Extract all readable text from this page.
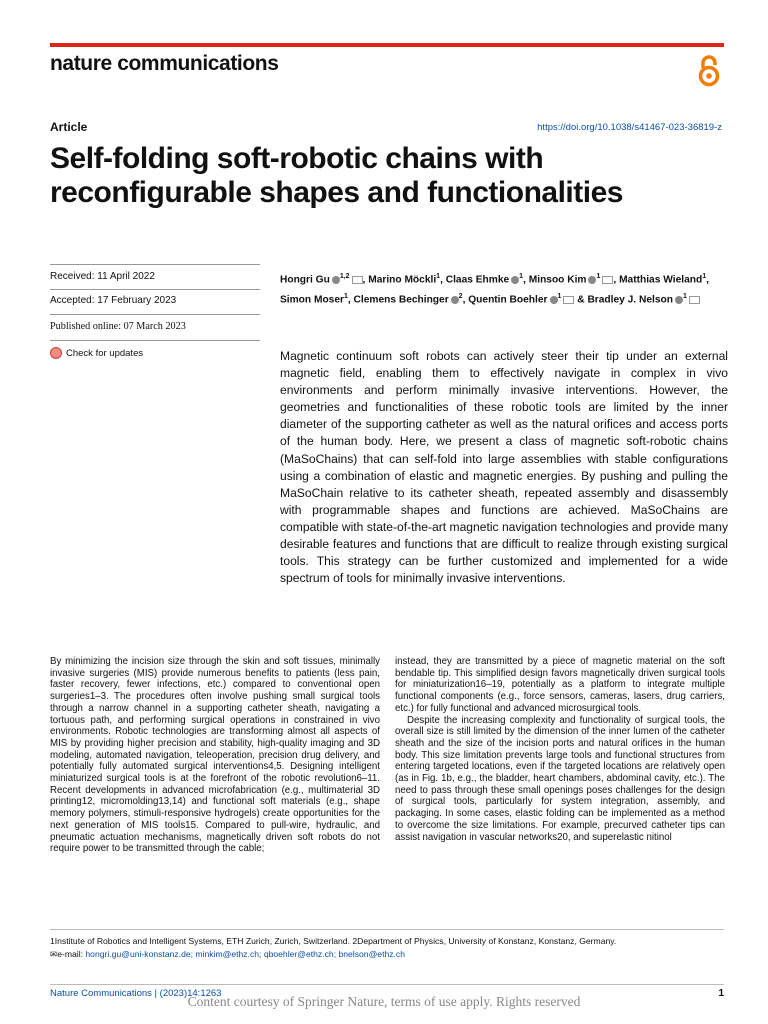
nature communications
Article	https://doi.org/10.1038/s41467-023-36819-z
Self-folding soft-robotic chains with reconfigurable shapes and functionalities
Received: 11 April 2022
Accepted: 17 February 2023
Published online: 07 March 2023
Check for updates
Hongri Gu $^{1,2}$ , Marino Möckli$^1$, Claas Ehmke $^1$, Minsoo Kim $^1$ , Matthias Wieland$^1$, Simon Moser$^1$, Clemens Bechinger $^2$, Quentin Boehler $^1$ & Bradley J. Nelson $^1$
Magnetic continuum soft robots can actively steer their tip under an external magnetic field, enabling them to effectively navigate in complex in vivo environments and perform minimally invasive interventions. However, the geometries and functionalities of these robotic tools are limited by the inner diameter of the supporting catheter as well as the natural orifices and access ports of the human body. Here, we present a class of magnetic soft-robotic chains (MaSoChains) that can self-fold into large assemblies with stable configurations using a combination of elastic and magnetic energies. By pushing and pulling the MaSoChain relative to its catheter sheath, repeated assembly and disassembly with programmable shapes and functions are achieved. MaSoChains are compatible with state-of-the-art magnetic navigation technologies and provide many desirable features and functions that are difficult to realize through existing surgical tools. This strategy can be further customized and implemented for a wide spectrum of tools for minimally invasive interventions.

By minimizing the incision size through the skin and soft tissues, minimally invasive surgeries (MIS) provide numerous benefits to patients (less pain, faster recovery, fewer infections, etc.) compared to conventional open surgeries1–3. The procedures often involve pushing small surgical tools through a narrow channel in a supporting catheter sheath, navigating a tortuous path, and performing surgical operations in constrained in vivo environments. Robotic technologies are transforming almost all aspects of MIS by providing higher precision and stability, high-quality imaging and 3D modeling, automated navigation, teleoperation, precision drug delivery, and potentially fully automated surgical interventions4,5. Designing intelligent miniaturized surgical tools is at the forefront of the robotic revolution6–11. Recent developments in advanced microfabrication (e.g., multimaterial 3D printing12, micromolding13,14) and functional soft materials (e.g., shape memory polymers, stimuli-responsive hydrogels) create opportunities for the next generation of MIS tools15. Compared to pull-wire, hydraulic, and pneumatic actuation mechanisms, magnetically driven soft robots do not require power to be transmitted through the cable;

instead, they are transmitted by a piece of magnetic material on the soft bendable tip. This simplified design favors magnetically driven surgical tools for miniaturization16–19, potentially as a platform to integrate multiple functional components (e.g., force sensors, cameras, lasers, drug carriers, etc.) for fully functional and advanced microsurgical tools.

Despite the increasing complexity and functionality of surgical tools, the overall size is still limited by the dimension of the inner lumen of the catheter sheath and the size of the incision ports and natural orifices in the human body. This size limitation prevents large tools and functional structures from entering targeted locations, even if the targeted locations are relatively open (as in Fig. 1b, e.g., the bladder, heart chambers, abdominal cavity, etc.). The need to pass through these small openings poses challenges for the design of surgical tools, particularly for system integration, assembly, and packaging. In some cases, elastic folding can be implemented as a method to overcome the size limitations. For example, precurved catheter tips can assist navigation in vascular networks20, and superelastic nitinol

1Institute of Robotics and Intelligent Systems, ETH Zurich, Zurich, Switzerland. 2Department of Physics, University of Konstanz, Konstanz, Germany.
✉e-mail: hongri.gu@uni-konstanz.de; minkim@ethz.ch; qboehler@ethz.ch; bnelson@ethz.ch
Nature Communications | (2023)14:1263	1
Content courtesy of Springer Nature, terms of use apply. Rights reserved
